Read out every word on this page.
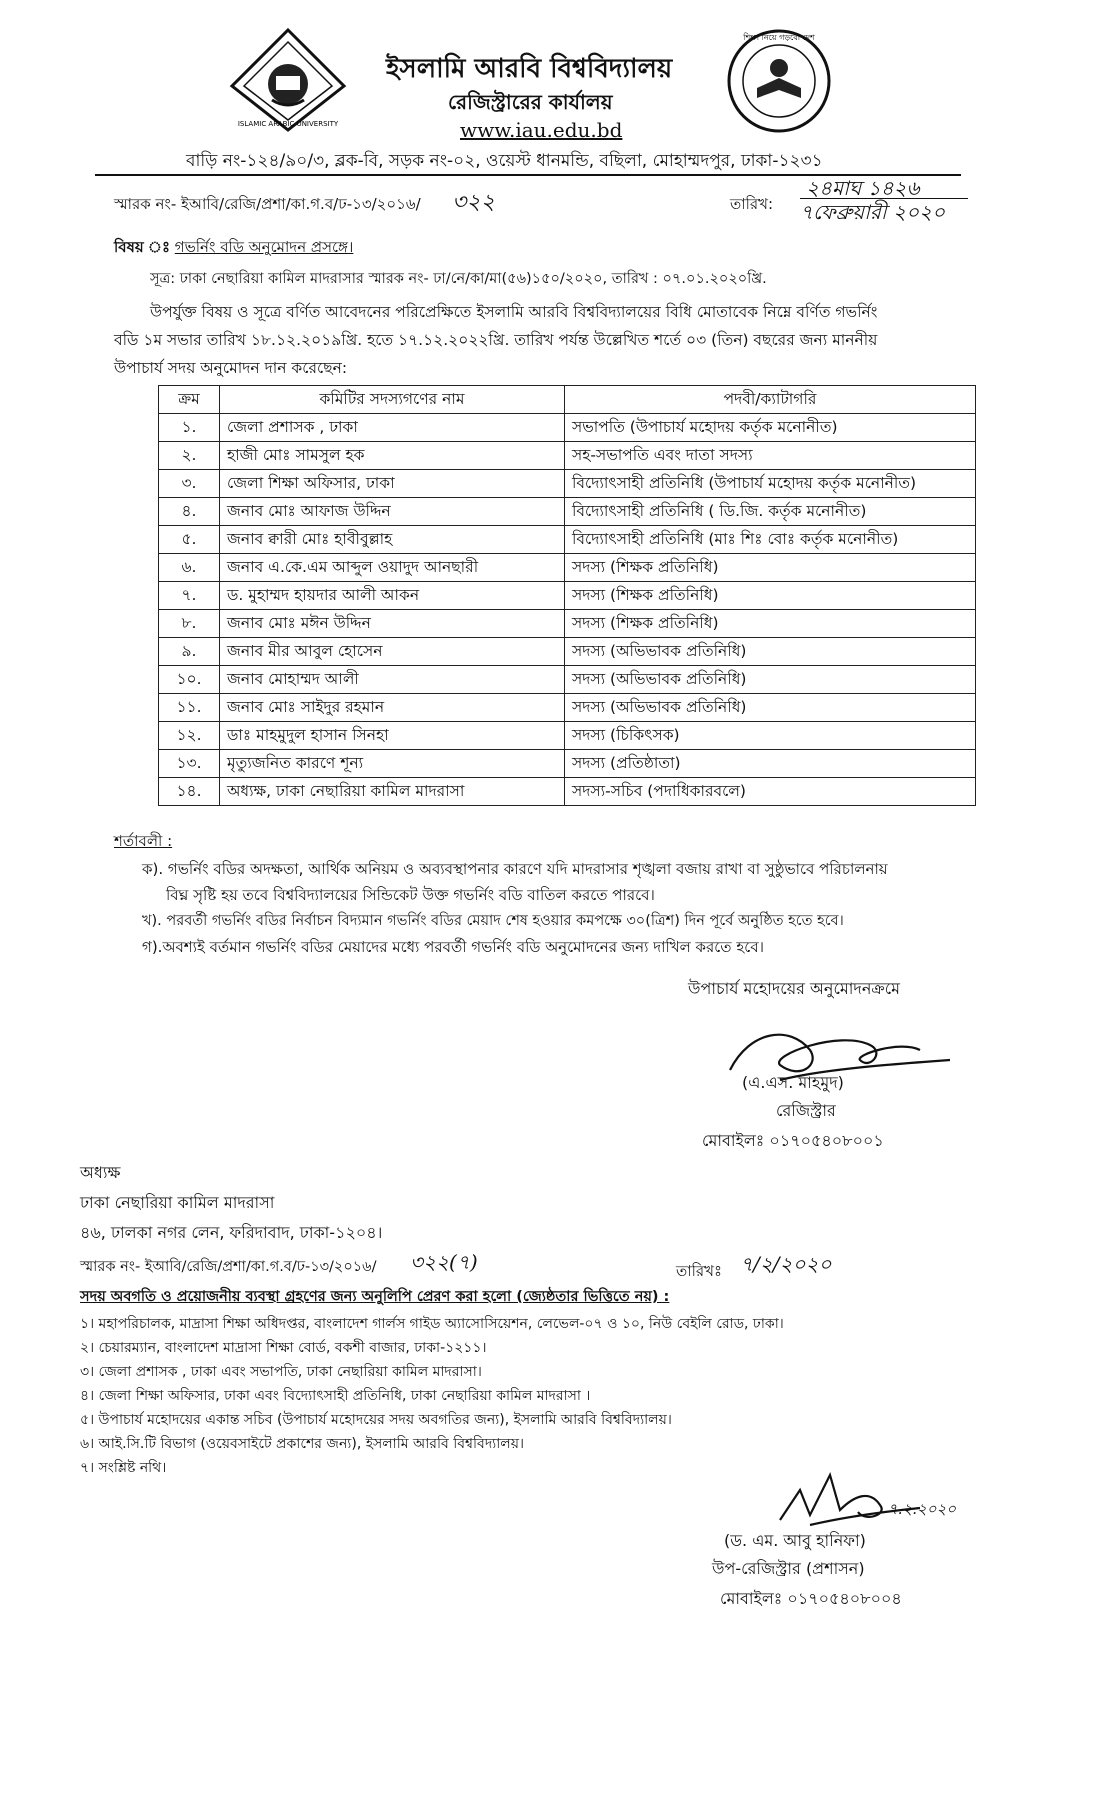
ISLAMIC ARABIC UNIVERSITY
শিক্ষা নিয়ে গড়বো দেশ
ইসলামি আরবি বিশ্ববিদ্যালয়
রেজিস্ট্রারের কার্যালয়
www.iau.edu.bd
বাড়ি নং-১২৪/৯০/৩, ব্লক-বি, সড়ক নং-০২, ওয়েস্ট ধানমন্ডি, বছিলা, মোহাম্মদপুর, ঢাকা-১২৩১
স্মারক নং- ইআবি/রেজি/প্রশা/কা.গ.ব/ঢ-১৩/২০১৬/ ৩২২	তারিখ:
২৪মাঘ ১৪২৬
৭ফেব্রুয়ারী ২০২০
বিষয় ঃ গভর্নিং বডি অনুমোদন প্রসঙ্গে।
সূত্র: ঢাকা নেছারিয়া কামিল মাদরাসার স্মারক নং- ঢা/নে/কা/মা(৫৬)১৫০/২০২০, তারিখ : ০৭.০১.২০২০খ্রি.
উপর্যুক্ত বিষয় ও সূত্রে বর্ণিত আবেদনের পরিপ্রেক্ষিতে ইসলামি আরবি বিশ্ববিদ্যালয়ের বিধি মোতাবেক নিম্নে বর্ণিত গভর্নিং
বডি ১ম সভার তারিখ ১৮.১২.২০১৯খ্রি. হতে ১৭.১২.২০২২খ্রি. তারিখ পর্যন্ত উল্লেখিত শর্তে ০৩ (তিন) বছরের জন্য মাননীয়
উপাচার্য সদয় অনুমোদন দান করেছেন:
ক্রম	কমিটির সদস্যগণের নাম	পদবী/ক্যাটাগরি
১.	জেলা প্রশাসক , ঢাকা	সভাপতি (উপাচার্য মহোদয় কর্তৃক মনোনীত)
২.	হাজী মোঃ সামসুল হক	সহ-সভাপতি এবং দাতা সদস্য
৩.	জেলা শিক্ষা অফিসার, ঢাকা	বিদ্যোৎসাহী প্রতিনিধি (উপাচার্য মহোদয় কর্তৃক মনোনীত)
৪.	জনাব মোঃ আফাজ উদ্দিন	বিদ্যোৎসাহী প্রতিনিধি ( ডি.জি. কর্তৃক মনোনীত)
৫.	জনাব ক্বারী মোঃ হাবীবুল্লাহ	বিদ্যোৎসাহী প্রতিনিধি (মাঃ শিঃ বোঃ কর্তৃক মনোনীত)
৬.	জনাব এ.কে.এম আব্দুল ওয়াদুদ আনছারী	সদস্য (শিক্ষক প্রতিনিধি)
৭.	ড. মুহাম্মদ হায়দার আলী আকন	সদস্য (শিক্ষক প্রতিনিধি)
৮.	জনাব মোঃ মঈন উদ্দিন	সদস্য (শিক্ষক প্রতিনিধি)
৯.	জনাব মীর আবুল হোসেন	সদস্য (অভিভাবক প্রতিনিধি)
১০.	জনাব মোহাম্মদ আলী	সদস্য (অভিভাবক প্রতিনিধি)
১১.	জনাব মোঃ সাইদুর রহমান	সদস্য (অভিভাবক প্রতিনিধি)
১২.	ডাঃ মাহমুদুল হাসান সিনহা	সদস্য (চিকিৎসক)
১৩.	মৃত্যুজনিত কারণে শূন্য	সদস্য (প্রতিষ্ঠাতা)
১৪.	অধ্যক্ষ, ঢাকা নেছারিয়া কামিল মাদরাসা	সদস্য-সচিব (পদাধিকারবলে)
শর্তাবলী :
ক). গভর্নিং বডির অদক্ষতা, আর্থিক অনিয়ম ও অব্যবস্থাপনার কারণে যদি মাদরাসার শৃঙ্খলা বজায় রাখা বা সুষ্ঠুভাবে পরিচালনায়
বিঘ্ন সৃষ্টি হয় তবে বিশ্ববিদ্যালয়ের সিন্ডিকেট উক্ত গভর্নিং বডি বাতিল করতে পারবে।
খ). পরবর্তী গভর্নিং বডির নির্বাচন বিদ্যমান গভর্নিং বডির মেয়াদ শেষ হওয়ার কমপক্ষে ৩০(ত্রিশ) দিন পূর্বে অনুষ্ঠিত হতে হবে।
গ).অবশ্যই বর্তমান গভর্নিং বডির মেয়াদের মধ্যে পরবর্তী গভর্নিং বডি অনুমোদনের জন্য দাখিল করতে হবে।
উপাচার্য মহোদয়ের অনুমোদনক্রমে
(এ.এস. মাহমুদ)
রেজিস্ট্রার
মোবাইলঃ ০১৭০৫৪০৮০০১
অধ্যক্ষ
ঢাকা নেছারিয়া কামিল মাদরাসা
৪৬, ঢালকা নগর লেন, ফরিদাবাদ, ঢাকা-১২০৪।
স্মারক নং- ইআবি/রেজি/প্রশা/কা.গ.ব/ঢ-১৩/২০১৬/ ৩২২(৭)	তারিখঃ ৭/২/২০২০
সদয় অবগতি ও প্রয়োজনীয় ব্যবস্থা গ্রহণের জন্য অনুলিপি প্রেরণ করা হলো (জ্যেষ্ঠতার ভিত্তিতে নয়) :
১। মহাপরিচালক, মাদ্রাসা শিক্ষা অধিদপ্তর, বাংলাদেশ গার্লস গাইড অ্যাসোসিয়েশন, লেভেল-০৭ ও ১০, নিউ বেইলি রোড, ঢাকা।
২। চেয়ারম্যান, বাংলাদেশ মাদ্রাসা শিক্ষা বোর্ড, বকশী বাজার, ঢাকা-১২১১।
৩। জেলা প্রশাসক , ঢাকা এবং সভাপতি, ঢাকা নেছারিয়া কামিল মাদরাসা।
৪। জেলা শিক্ষা অফিসার, ঢাকা এবং বিদ্যোৎসাহী প্রতিনিধি, ঢাকা নেছারিয়া কামিল মাদরাসা ।
৫। উপাচার্য মহোদয়ের একান্ত সচিব (উপাচার্য মহোদয়ের সদয় অবগতির জন্য), ইসলামি আরবি বিশ্ববিদ্যালয়।
৬। আই.সি.টি বিভাগ (ওয়েবসাইটে প্রকাশের জন্য), ইসলামি আরবি বিশ্ববিদ্যালয়।
৭। সংশ্লিষ্ট নথি।
৭.২.২০২০
(ড. এম. আবু হানিফা)
উপ-রেজিস্ট্রার (প্রশাসন)
মোবাইলঃ ০১৭০৫৪০৮০০৪
